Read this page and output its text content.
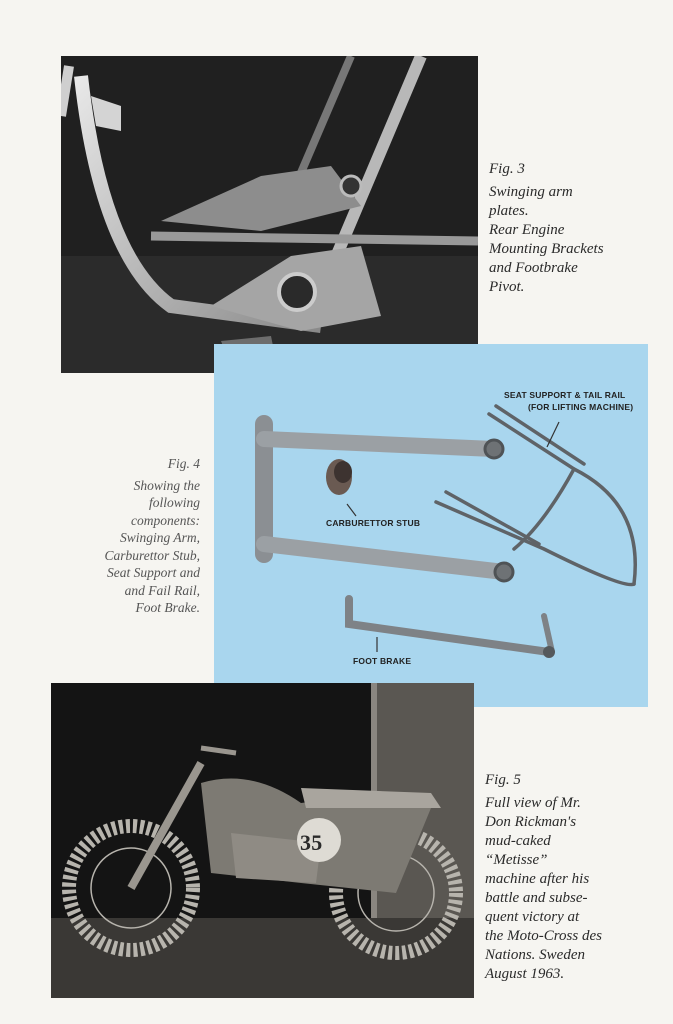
Fig. 3
Swinging arm
plates.
Rear Engine
Mounting Brackets
and Footbrake
Pivot.
SEAT SUPPORT & TAIL RAIL
(FOR LIFTING MACHINE)
CARBURETTOR STUB
FOOT BRAKE
Fig. 4
Showing the
following
components:
Swinging Arm,
Carburettor Stub,
Seat Support and
and Fail Rail,
Foot Brake.
35
Fig. 5
Full view of Mr.
Don Rickman's
mud-caked
“Metisse”
machine after his
battle and subse-
quent victory at
the Moto-Cross des
Nations. Sweden
August 1963.
